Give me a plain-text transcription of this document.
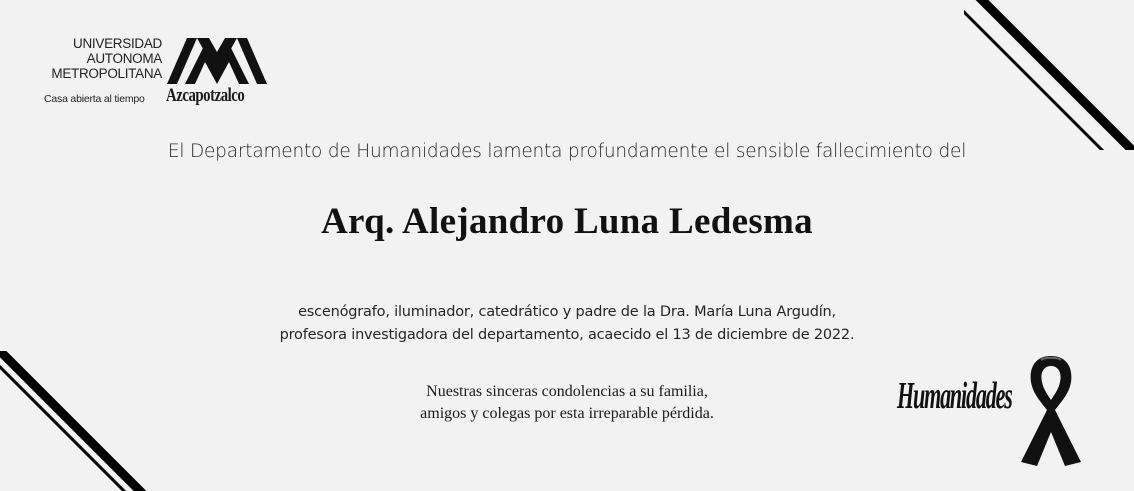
UNIVERSIDAD
AUTONOMA
METROPOLITANA
Casa abierta al tiempo Azcapotzalco
El Departamento de Humanidades lamenta profundamente el sensible fallecimiento del
Arq. Alejandro Luna Ledesma
escenógrafo, iluminador, catedrático y padre de la Dra. María Luna Argudín,
profesora investigadora del departamento, acaecido el 13 de diciembre de 2022.
Nuestras sinceras condolencias a su familia,
amigos y colegas por esta irreparable pérdida.	Humanidades
